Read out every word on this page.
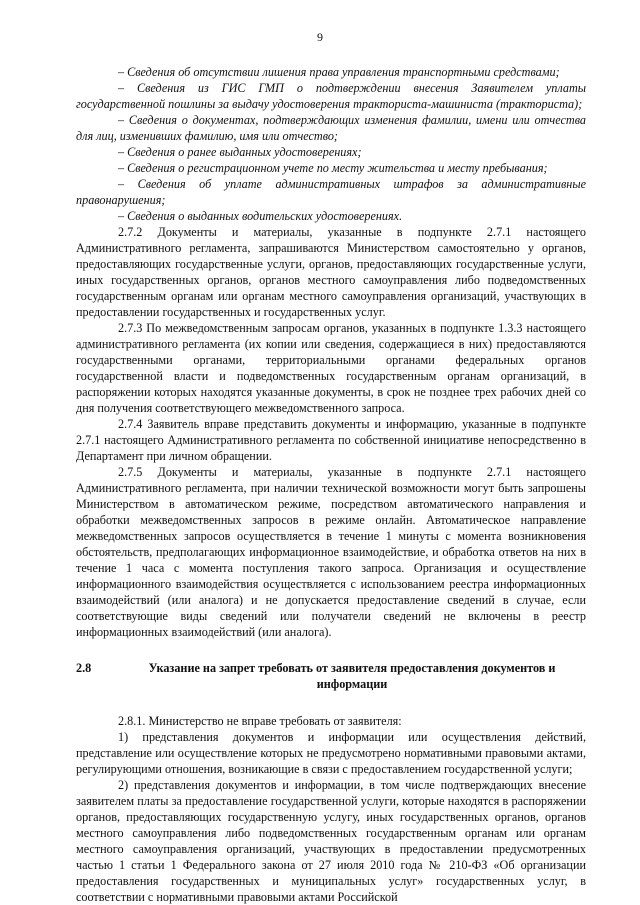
9

– Сведения об отсутствии лишения права управления транспортными средствами;

– Сведения из ГИС ГМП о подтверждении внесения Заявителем уплаты государственной пошлины за выдачу удостоверения тракториста-машиниста (тракториста);

– Сведения о документах, подтверждающих изменения фамилии, имени или отчества для лиц, изменивших фамилию, имя или отчество;

– Сведения о ранее выданных удостоверениях;

– Сведения о регистрационном учете по месту жительства и месту пребывания;

– Сведения об уплате административных штрафов за административные правонарушения;

– Сведения о выданных водительских удостоверениях.

2.7.2 Документы и материалы, указанные в подпункте 2.7.1 настоящего Административного регламента, запрашиваются Министерством самостоятельно у органов, предоставляющих государственные услуги, органов, предоставляющих государственные услуги, иных государственных органов, органов местного самоуправления либо подведомственных государственным органам или органам местного самоуправления организаций, участвующих в предоставлении государственных и государственных услуг.

2.7.3 По межведомственным запросам органов, указанных в подпункте 1.3.3 настоящего административного регламента (их копии или сведения, содержащиеся в них) предоставляются государственными органами, территориальными органами федеральных органов государственной власти и подведомственных государственным органам организаций, в распоряжении которых находятся указанные документы, в срок не позднее трех рабочих дней со дня получения соответствующего межведомственного запроса.

2.7.4 Заявитель вправе представить документы и информацию, указанные в подпункте 2.7.1 настоящего Административного регламента по собственной инициативе непосредственно в Департамент при личном обращении.

2.7.5 Документы и материалы, указанные в подпункте 2.7.1 настоящего Административного регламента, при наличии технической возможности могут быть запрошены Министерством в автоматическом режиме, посредством автоматического направления и обработки межведомственных запросов в режиме онлайн. Автоматическое направление межведомственных запросов осуществляется в течение 1 минуты с момента возникновения обстоятельств, предполагающих информационное взаимодействие, и обработка ответов на них в течение 1 часа с момента поступления такого запроса. Организация и осуществление информационного взаимодействия осуществляется с использованием реестра информационных взаимодействий (или аналога) и не допускается предоставление сведений в случае, если соответствующие виды сведений или получатели сведений не включены в реестр информационных взаимодействий (или аналога).

2.8	Указание на запрет требовать от заявителя предоставления документов и информации

2.8.1. Министерство не вправе требовать от заявителя:

1) представления документов и информации или осуществления действий, представление или осуществление которых не предусмотрено нормативными правовыми актами, регулирующими отношения, возникающие в связи с предоставлением государственной услуги;

2) представления документов и информации, в том числе подтверждающих внесение заявителем платы за предоставление государственной услуги, которые находятся в распоряжении органов, предоставляющих государственную услугу, иных государственных органов, органов местного самоуправления либо подведомственных государственным органам или органам местного самоуправления организаций, участвующих в предоставлении предусмотренных частью 1 статьи 1 Федерального закона от 27 июля 2010 года № 210-ФЗ «Об организации предоставления государственных и муниципальных услуг» государственных услуг, в соответствии с нормативными правовыми актами Российской
